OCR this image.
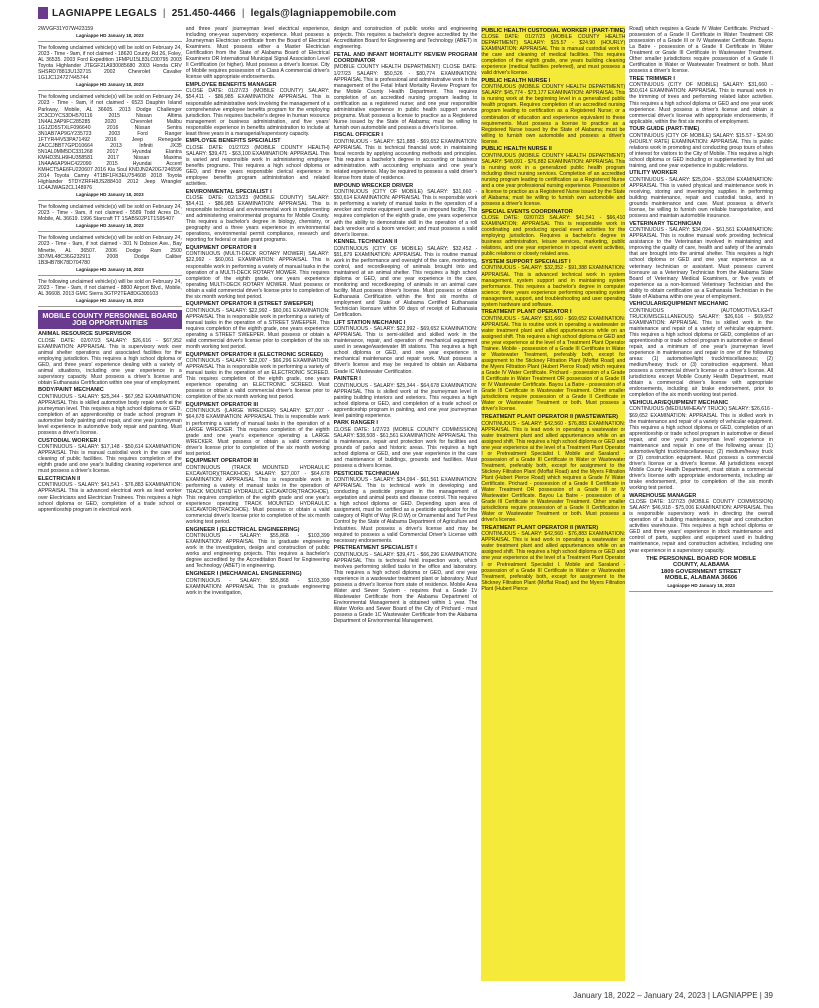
LAGNIAPPE LEGALS | 251.450-4466 | legals@lagniappemobile.com

2WVGF31Y07W423159

Lagniappe HD January 18, 2023

The following unclaimed vehicle(s) will be sold on February 24, 2023 - Time - 9am, if not claimed - 18620 County Rd 26, Foley, AL 36535. 2003 Ford Expedition 1FMPU15L83LC00795 2003 Toyota Highlander JTEGF21A930085680 2003 Honda CRV SHSRD78813U132715 2002 Chevrolet Cavalier 1G1JC124727445744

Lagniappe HD January 18, 2023

The following unclaimed vehicle(s) will be sold on February 24, 2023 - Time - 9am, if not claimed - 6523 Dauphin Island Parkway, Mobile, AL 36605. 2013 Dodge Challenger 2C3CDYCS3DH570116 2015 Nissan Altima 1N4AL3AP9FC285285 2020 Chevrolet Malibu 1G1ZD5STXLF096640 2016 Nissan Sentra 3N1AB7AP9GY235723 2003 Ford Ranger 1FTYR44V53PA71492 2016 Jeep Renegade ZACCJBBT7GPD10664 2013 Infiniti JX35 5N1AL0MM5DC331268 2017 Hyundai Elantra KMHD35LH9HU358581 2017 Nissan Maxima 1N4AA6AP9HC422090 2015 Hyundai Accent KMHCT5AE6FU220607 2016 Kia Soul KNDJN2A20G7246596 2014 Toyota Camry 4T1BF1FK3EU754608 2018 Toyota Highlander 5TDYZRFH8JS288410 2012 Jeep Wrangler 1C4AJWAG2CL148976

Lagniappe HD January 18, 2023

The following unclaimed vehicle(s) will be sold on February 24, 2023 - Time - 9am, if not claimed - 5589 Todd Acres Dr., Mobile, AL 36619. 1996 Starcraft TT 1SABS02P1T1S95407

Lagniappe HD January 18, 2023

The following unclaimed vehicle(s) will be sold on February 24, 2023 - Time - 9am, if not claimed - 301 N Dobson Ave., Bay Minette, AL 36507. 2006 Dodge Ram 2500 3D7ML48C36G232911 2008 Dodge Caliber 1B3HB78K78D704780

Lagniappe HD January 18, 2023

The following unclaimed vehicle(s) will be sold on February 24, 2023 - Time - 9am, if not claimed - 8800 Airport Blvd., Mobile, AL 36608. 2013 GMC Sierra 3GTP2TEA8DG300103

Lagniappe HD January 18, 2023
MOBILE COUNTY PERSONNEL BOARD JOB OPPORTUNITIES

ANIMAL RESOURCE SUPERVISOR

CLOSE DATE: 02/07/23 SALARY: $26,616 - $67,952 EXAMINATION: APPRAISAL This is supervisory work over animal shelter operations and associated facilities for the employing jurisdiction. This requires a high school diploma or GED, and three years' experience dealing with a variety of animal situations, including one year experience in a supervisory capacity. Must possess a driver's license and obtain Euthanasia Certification within one year of employment.

BODY/PAINT MECHANIC

CONTINUOUS - SALARY: $25,344 - $67,952 EXAMINATION: APPRAISAL This is skilled automotive body repair work at the journeyman level. This requires a high school diploma or GED, completion of an apprenticeship or trade school program in automotive body painting and repair, and one year journeyman level experience in automotive body repair and painting. Must possess a driver's license.

CUSTODIAL WORKER I

CONTINUOUS - SALARY: $17,148 - $50,614 EXAMINATION: APPRAISAL This is manual custodial work in the care and cleaning of public facilities. This requires completion of the eighth grade and one year's building cleaning experience and must possess a driver's license.

ELECTRICIAN II

CONTINUOUS - SALARY: $41,541 - $76,883 EXAMINATION: APPRAISAL This is advanced electrical work as lead worker over Electricians and Electrician Trainees. This requires a high school diploma or GED, completion of a trade school or apprenticeship program in electrical work

and three years' journeyman level electrical experience, including one-year supervisory experience. Must possess a Journeyman Electrician certificate from the Board of Electrical Examiners. Must possess either a Master Electrician Certification from the State of Alabama Board of Electrical Examiners OR International Municipal Signal Association Level II Certification (or higher). Must possess a driver's license. City of Mobile requires possession of a Class A commercial driver's license with appropriate endorsements.

EMPLOYEE BENEFITS MANAGER

CLOSE DATE: 01/27/23 (MOBILE COUNTY) SALARY: $54,411 - $86,985 EXAMINATION: APPRAISAL This is responsible administrative work involving the management of a comprehensive employee benefits program for the employing jurisdiction. This requires bachelor's degree in human resource management or business administration, and five years' responsible experience in benefits administration to include at least three years in a managerial/supervisory capacity.

EMPLOYEE BENEFITS SPECIALIST

CLOSE DATE: 01/27/23 (MOBILE COUNTY HEALTH) SALARY: $39,471 - $63,100 EXAMINATION: APPRAISAL This is varied and responsible work in administering employee benefits programs. This requires a high school diploma or GED, and three years responsible clerical experience in employee benefits program administration and related activities.

ENVIRONMENTAL SPECIALIST I

CLOSE DATE: 02/13/23 (MOBILE COUNTY) SALARY: $54,411 - $86,985 EXAMINATION: APPRAISAL This is responsible technical and environmental work in implementing and administering environmental programs for Mobile County. This requires a bachelor's degree in biology, chemistry, or geography and a three years experience in environmental operations, environmental permit compliance, research and reporting for federal or state grant programs.

EQUIPMENT OPERATOR II

CONTINUOUS (MULTI-DECK ROTARY MOWER) SALARY: $22,992 - $60,061 EXAMINATION: APPRAISAL This is responsible work in performing a variety of manual tasks in the operation of a MULTI-DECK ROTARY MOWER. This requires completion of the eighth grade, one years experience operating MULTI-DECK ROTARY MOWER. Must possess or obtain a valid commercial driver's license prior to completion of the six month working test period.

EQUIPMENT OPERATOR II (STREET SWEEPER)

CONTINUOUS - SALARY: $22,992 - $60,061 EXAMINATION: APPRAISAL This is responsible work in performing a variety of manual tasks in the operation of a STREET SWEEPER. This requires completion of the eighth grade, one years experience operating a STREET SWEEPER. Must possess or obtain a valid commercial driver's license prior to completion of the six month working test period.

EQUIPMENT OPERATOR II (ELECTRONIC SCREED)

CONTINUOUS - SALARY: $22,007 - $66,296 EXAMINATION: APPRAISAL This is responsible work in performing a variety of manual tasks in the operation of an ELECTRONIC SCREED. This requires completion of the eighth grade, one years experience operating an ELECTRONIC SCREED. Must possess or obtain a valid commercial driver's license prior to completion of the six month working test period.

EQUIPMENT OPERATOR III

CONTINUOUS (LARGE WRECKER) SALARY: $27,007 - $64,678 EXAMINATION: APPRAISAL This is responsible work in performing a variety of manual tasks in the operation of a LARGE WRECKER. This requires completion of the eighth grade and one year's experience operating a LARGE WRECKER. Must possess or obtain a valid commercial driver's license prior to completion of the six month working test period.

EQUIPMENT OPERATOR III

CONTINUOUS (TRACK MOUNTED HYDRAULIC EXCAVATOR)(TRACKHOE) SALARY: $27,007 - $64,678 EXAMINATION: APPRAISAL This is responsible work in performing a variety of manual tasks in the operation of TRACK MOUNTED HYDRAULIC EXCAVATOR(TRACKHOE). This requires completion of the eighth grade and one year's experience operating TRACK MOUNTED HYDRAULIC EXCAVATOR(TRACKHOE). Must possess or obtain a valid commercial driver's license prior to completion of the six month working test period.

ENGINEER I (ELECTRICAL ENGINEERING)

CONTINUOUS - SALARY: $55,868 - $103,399 EXAMINATION: APPRAISAL This is graduate engineering work in the investigation, design and construction of public works and engineering projects. This requires a bachelor's degree accredited by the Accreditation Board for Engineering and Technology (ABET) in engineering.

ENGINEER I (MECHANICAL ENGINEERING)

CONTINUOUS - SALARY: $55,868 - $103,399 EXAMINATION: APPRAISAL This is graduate engineering work in the investigation,

design and construction of public works and engineering projects. This requires a bachelor's degree accredited by the Accreditation Board for Engineering and Technology (ABET) in engineering.

FETAL AND INFANT MORTALITY REVIEW PROGRAM COORDINATOR

(MOBILE COUNTY HEALTH DEPARTMENT) CLOSE DATE: 1/27/23 SALARY: $50,526 - $80,774 EXAMINATION: APPRAISAL This is professional and administrative work in the management of the Fetal Infant Mortality Review Program for the Mobile County Health Department. This requires completion of an accredited nursing program leading to certification as a registered nurse; and one year responsible administrative experience in public health support service programs. Must possess a license to practice as a Registered Nurse issued by the State of Alabama; must be willing to furnish own automobile and possess a driver's license.

FISCAL OFFICER I

CONTINUOUS - SALARY: $21,888 - $69,652 EXAMINATION: APPRAISAL This is technical financial work in maintaining fiscal records by applying accounting methods and principles. This requires a bachelor's degree in accounting or business administration with accounting emphasis and one year's related experience. May be required to possess a valid driver's license from state of residence.

IMPOUND WRECKER DRIVER

CONTINUOUS (CITY OF MOBILE) SALARY: $31,660 - $50,614 EXAMINATION: APPRAISAL This is responsible work in performing a variety of manual tasks in the operation of a wrecker and motor equipment used in an impound facility. This requires completion of the eighth grade, one years experience with the ability to demonstrate skill in the operation of a roll back wrecker and a boom wrecker; and must possess a valid driver's license.

KENNEL TECHNICIAN II

CONTINUOUS (CITY OF MOBILE) SALARY: $32,452 - $51,879 EXAMINATION: APPRAISAL This is routine manual work in the performance and oversight of the care, monitoring, control, and recordkeeping of animals brought into and maintained at an animal shelter. This requires a high school diploma or GED, and one year experience in the care, monitoring and recordkeeping of animals in an animal care facility. Must possess driver's license. Must possess or obtain Euthanasia Certification within the first six months of employment and State of Alabama Certified Euthanasia Technician licensure within 90 days of receipt of Euthanasia Certification.

LIFT STATION MECHANIC I

CONTINUOUS - SALARY: $22,992 - $69,652 EXAMINATION: APPRAISAL This is semi-skilled and skilled work in the maintenance, repair, and operation of mechanical equipment used in sewage/wastewater lift stations. This requires a high school diploma or GED, and one year experience in mechanical maintenance and repair work. Must possess a driver's license and may be required to obtain an Alabama Grade IC Wastewater Certification.

PAINTER I

CONTINUOUS - SALARY: $25,344 - $64,678 EXAMINATION: APPRAISAL This is skilled work at the journeyman level in painting building interiors and exteriors. This requires a high school diploma or GED, and completion of a trade school or apprenticeship program in painting, and one year journeyman level painting experience.

PARK RANGER I

CLOSE DATE: 1/27/23 (MOBILE COUNTY COMMISSION) SALARY: $38,508 - $61,561 EXAMINATION: APPRAISAL This is maintenance, repair and protection work for facilities and grounds of parks and historic areas. This requires a high school diploma or GED, and one year experience in the care and maintenance of buildings, grounds and facilities. Must possess a drivers license.

PESTICIDE TECHNICIAN

CONTINUOUS - SALARY: $34,094 - $61,561 EXAMINATION: APPRAISAL This is technical work in developing and conducting a pesticide program in the management of vegetation and animal pests and disease control. This requires a high school diploma or GED. Depending upon area of assignment, must be certified as a pesticide applicator for the category of Right of Way (R.O.W) or Ornamental and Turf Pest Control by the State of Alabama Department of Agriculture and Industries. Must possess a driver's license and may be required to possess a valid Commercial Driver's License with necessary endorsements.

PRETREATMENT SPECIALIST I

CONTINUOUS - SALARY: $39,471 - $66,296 EXAMINATION: APPRAISAL This is technical field inspection work, which involves performing skilled tasks in the office and laboratory. This requires a high school diploma or GED, and one year experience in a wastewater treatment plant or laboratory. Must possess a driver's license from state of residence. Mobile Area Water and Sewer System - requires that a Grade 1V Wastewater Certificate from the Alabama Department of Environmental Management is obtained within 1 year. The Water Works and Sewer Board of the City of Prichard - must possess a Grade 1C Wastewater Certificate from the Alabama Department of Environmental Management.

PUBLIC HEALTH CUSTODIAL WORKER I (PART-TIME)

CLOSE DATE: 01/27/23 (MOBILE COUNTY HEALTH DEPARTMENT) SALARY: $15.57 - $24.90 (HOURLY) EXAMINATION: APPRAISAL This is manual custodial work in the care and cleaning of medical facilities. This requires completion of the eighth grade, one years building cleaning experience (medical facilities preferred), and must possess a valid driver's license.

PUBLIC HEALTH NURSE I

CONTINUOUS (MOBILE COUNTY HEALTH DEPARTMENT) SALARY: $45,774 - $73,177 EXAMINATION: APPRAISAL This is nursing work at the beginning level in a generalized public health program. Requires completion of an accredited nursing program leading to certification as a Registered Nurse; or a combination of education and experience equivalent to these requirements. Must possess a license to practice as a Registered Nurse issued by the State of Alabama; must be willing to furnish own automobile and possess a driver's license.

PUBLIC HEALTH NURSE II

CONTINUOUS (MOBILE COUNTY HEALTH DEPARTMENT) SALARY: $48,091 - $76,882 EXAMINATION: APPRAISAL This is nursing work in a generalized public health program including direct nursing services. Completion of an accredited nursing program leading to certification as a Registered Nurse and a one year professional nursing experience. Possession of a license to practice as a Registered Nurse issued by the State of Alabama; must be willing to furnish own automobile and possess a driver's license.

SPECIAL EVENTS COORDINATOR

CLOSE DATE: 02/07/23 SALARY: $41,541 - $66,410 EXAMINATION: APPRAISAL This is responsible work in coordinating and producing special event activities for the employing jurisdiction. Requires a bachelor's degree in business administration, leisure services, marketing, public relations, and one year experience in special event activities, public relations or closely related area.

SYSTEM SUPPORT SPECIALIST I

CONTINUOUS - SALARY: $32,352 - $91,388 EXAMINATION: APPRAISAL This is advanced technical work in system management, system support and in maintaining system performance. This requires a bachelor's degree in computer science; three years experience performing operating system management, support, and troubleshooting and user operating system hardware and software.

TREATMENT PLANT OPERATOR I

CONTINUOUS - SALARY: $31,660 - $69,652 EXAMINATION: APPRAISAL This is routine work in operating a wastewater or water treatment plant and allied appurtenances while on an assigned shift. This requires a high school diploma or GED and one year experience at the level of a Treatment Plant Operator Trainee. Mobile - possession of a Grade III Certificate in Water or Wastewater Treatment, preferably both, except for assignment to the Stickney Filtration Plant (Moffat Road) and the Myers Filtration Plant (Hubert Pierce Road) which requires a Grade IV Water Certificate. Prichard - possession of a Grade II Certificate in Water Treatment OR possession of a Grade III or IV Wastewater Certificate. Bayou La Batre - possession of a Grade III Certificate in Wastewater Treatment. Other smaller jurisdictions require possession of a Grade II Certificate in Water or Wastewater Treatment or both. Must possess a driver's license.

TREATMENT PLANT OPERATOR II (WASTEWATER)

CONTINUOUS - SALARY: $42,560 - $76,883 EXAMINATION: APPRAISAL This is lead work in operating a wastewater or water treatment plant and allied appurtenances while on an assigned shift. This requires a high school diploma or GED and one year experience at the level of a Treatment Plant Operator I or Pretreatment Specialist I. Mobile and Saraland - possession of a Grade III Certificate in Water or Wastewater Treatment, preferably both, except for assignment to the Stickney Filtration Plant (Moffat Road) and the Myers Filtration Plant (Hubert Pierce Road) which requires a Grade IV Water Certificate. Prichard - possession of a Grade II Certificate in Water Treatment OR possession of a Grade III or IV Wastewater Certificate. Bayou La Batre - possession of a Grade III Certificate in Wastewater Treatment. Other smaller jurisdictions require possession of a Grade II Certification in Water or Wastewater Treatment or both. Must possess a driver's license.

TREATMENT PLANT OPERATOR II (WATER)

CONTINUOUS - SALARY: $42,560 - $76,883 EXAMINATION: APPRAISAL This is lead work in operating a wastewater or water treatment plant and allied appurtenances while on an assigned shift. This requires a high school diploma or GED and one year experience at the level of a Treatment Plant Operator I or Pretreatment Specialist I. Mobile and Saraland - possession of a Grade III Certificate in Water or Wastewater Treatment, preferably both, except for assignment to the Stickney Filtration Plant (Moffat Road) and the Myers Filtration Plant (Hubert Pierce

Road) which requires a Grade IV Water Certificate. Prichard - possession of a Grade II Certificate in Water Treatment OR possession of a Grade III or IV Wastewater Certificate. Bayou La Batre - possession of a Grade II Certificate in Water Treatment or Grade III Certificate in Wastewater Treatment. Other smaller jurisdictions require possession of a Grade II Certification in Water or Wastewater Treatment or both. Must possess a driver's license.

TREE TRIMMER I

CONTINUOUS (CITY OF MOBILE) SALARY: $31,660 - $50,614 EXAMINATION: APPRAISAL This is manual work in the trimming of trees and performing related labor activities. This requires a high school diploma or GED and one year work experience. Must possess a driver's license and obtain a commercial driver's license with appropriate endorsements, if applicable, within the first six months of employment.

TOUR GUIDE (PART-TIME)

CONTINUOUS (CITY OF MOBILE) SALARY: $15.57 - $24.90 (HOURLY RATE) EXAMINATION: APPRAISAL This is public relations work in promoting and conducting group tours of sites of interest for visitors to the City of Mobile. This requires a high school diploma or GED including or supplemented by first aid training, and one year experience in public relations.

UTILITY WORKER

CONTINUOUS - SALARY: $25,004 - $53,084 EXAMINATION: APPRAISAL This is varied physical and maintenance work in receiving, storing and inventorying supplies in performing building maintenance, repair and custodial tasks, and in grounds maintenance and care. Must possess a driver's license, be willing to furnish own reliable transportation, and possess and maintain automobile insurance.

VETERINARY TECHNICIAN

CONTINUOUS - SALARY: $34,094 - $61,561 EXAMINATION: APPRAISAL This is routine manual work providing technical assistance to the Veterinarian involved in maintaining and improving the quality of care, health and safety of the animals that are brought into the animal shelter. This requires a high school diploma or GED and one year experience as a veterinary technician or assistant. Must possess current licensure as a Veterinary Technician from the Alabama State Board of Veterinary Medical Examiners, or five years of experience as a non-licensed Veterinary Technician and the ability to obtain certification as a Euthanasia Technician in the State of Alabama within one year of employment.

VEHICULAR/EQUIPMENT MECHANIC

CONTINUOUS (AUTOMOTIVE/LIGHT TRUCK/MISCELLANEOUS) SALARY: $26,616 - $69,652 EXAMINATION: APPRAISAL This is skilled work in the maintenance and repair of a variety of vehicular equipment. This requires a high school diploma or GED, completion of an apprenticeship or trade school program in automotive or diesel repair, and a minimum of one year's journeyman level experience in maintenance and repair in one of the following areas: (1) automotive/light truck/miscellaneous; (2) medium/heavy truck or (3) construction equipment. Must possess a commercial driver's license or a driver's license. All jurisdictions except Mobile County Health Department, must obtain a commercial driver's license with appropriate endorsements, including air brake endorsement, prior to completion of the six month working test period.

VEHICULAR/EQUIPMENT MECHANIC

CONTINUOUS (MEDIUM/HEAVY TRUCK) SALARY: $26,616 - $69,652 EXAMINATION: APPRAISAL This is skilled work in the maintenance and repair of a variety of vehicular equipment. This requires a high school diploma or GED, completion of an apprenticeship or trade school program in automotive or diesel repair, and one year's journeyman level experience in maintenance and repair in one of the following areas: (1) automotive/light truck/miscellaneous; (2) medium/heavy truck or (3) construction equipment. Must possess a commercial driver's license or a driver's license. All jurisdictions except Mobile County Health Department, must obtain a commercial driver's license with appropriate endorsements, including air brake endorsement, prior to completion of the six month working test period.

WAREHOUSE MANAGER

CLOSE DATE: 1/27/23 (MOBILE COUNTY COMMISSION) SALARY: $46,918 - $75,006 EXAMINATION: APPRAISAL This is responsible supervisory work in directing the overall operation of a building maintenance, repair and construction activities warehouse. This requires a high school diploma or GED and three years' experience in stock maintenance and control of parts, supplies and equipment used in building maintenance, repair and construction activities, including one year experience in a supervisory capacity.

THE PERSONNEL BOARD FOR MOBILE
COUNTY, ALABAMA
1809 GOVERNMENT STREET
MOBILE, ALABAMA 36606
Lagniappe HD January 18, 2023
January 18, 2022 – January 24, 2023 | LAGNIAPPE | 39
